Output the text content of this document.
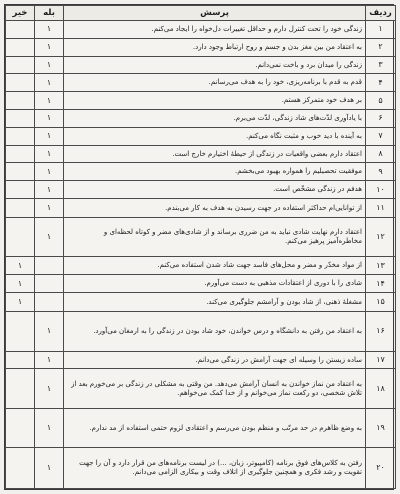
ردیف	پرسش	بله	خیر
۱	زندگی خود را تحت کنترل دارم و حداقل تغییرات دل‌خواه را ایجاد می‌کنم.	۱	
۲	به اعتقاد من بین مغز بدن و جسم و روح ارتباط وجود دارد.	۱	
۳	زندگی را میدان برد و باخت نمی‌دانم.	۱	
۴	قدم به قدم با برنامه‌ریزی، خود را به هدف می‌رسانم.	۱	
۵	بر هدف خود متمرکز هستم.	۱	
۶	با یادآوری لذّت‌های شاد زندگی، لذّت می‌برم.	۱	
۷	به آینده با دید خوب و مثبت نگاه می‌کنم.	۱	
۸	اعتقاد دارم بعضی واقعیات در زندگی از حیطهٔ اختیارم خارج است.	۱	
۹	موفقیت تحصیلیم را همواره بهبود می‌بخشم.	۱	
۱۰	هدفم در زندگی مشخّص است.	۱	
۱۱	از توانایی‌ام حداکثر استفاده در جهت رسیدن به هدف به کار می‌بندم.	۱	
۱۲	اعتقاد دارم نهایت شادی نباید به من ضرری برساند و از شادی‌های مضر و کوتاه لحظه‌ای و مخاطره‌آمیز پرهیز می‌کنم.	۱	
۱۳	از مواد مخدّر و مضر و محل‌های فاسد جهت شاد شدن استفاده می‌کنم.		۱
۱۴	شادی را با دوری از اعتقادات مذهبی به دست می‌آورم.		۱
۱۵	مشغلهٔ ذهنی، از شاد بودن و آرامشم جلوگیری می‌کند.		۱
۱۶	به اعتقاد من رفتن به دانشگاه و درس خواندن، خود شاد بودن در زندگی را به ارمغان می‌آورد.	۱	
۱۷	ساده زیستن را وسیله ای جهت آرامش در زندگی می‌دانم.	۱	
۱۸	به اعتقاد من نماز خواندن به انسان آرامش می‌دهد. من وقتی به مشکلی در زندگی بر می‌خورم بعد از تلاش شخصی، دو رکعت نماز می‌خوانم و از خدا کمک می‌خواهم.	۱	
۱۹	به وضع ظاهرم در حد مرتّب و منظم بودن می‌رسم و اعتقادی لزوم حتمی استفاده از مد ندارم.	۱	
۲۰	رفتن به کلاس‌های فوق برنامه (کامپیوتر، زبان، ...) در لیست برنامه‌های من قرار دارد و آن را جهت تقویت و رشد فکری و همچنین جلوگیری از اتلاف وقت و بیکاری الزامی می‌دانم.	۱	
